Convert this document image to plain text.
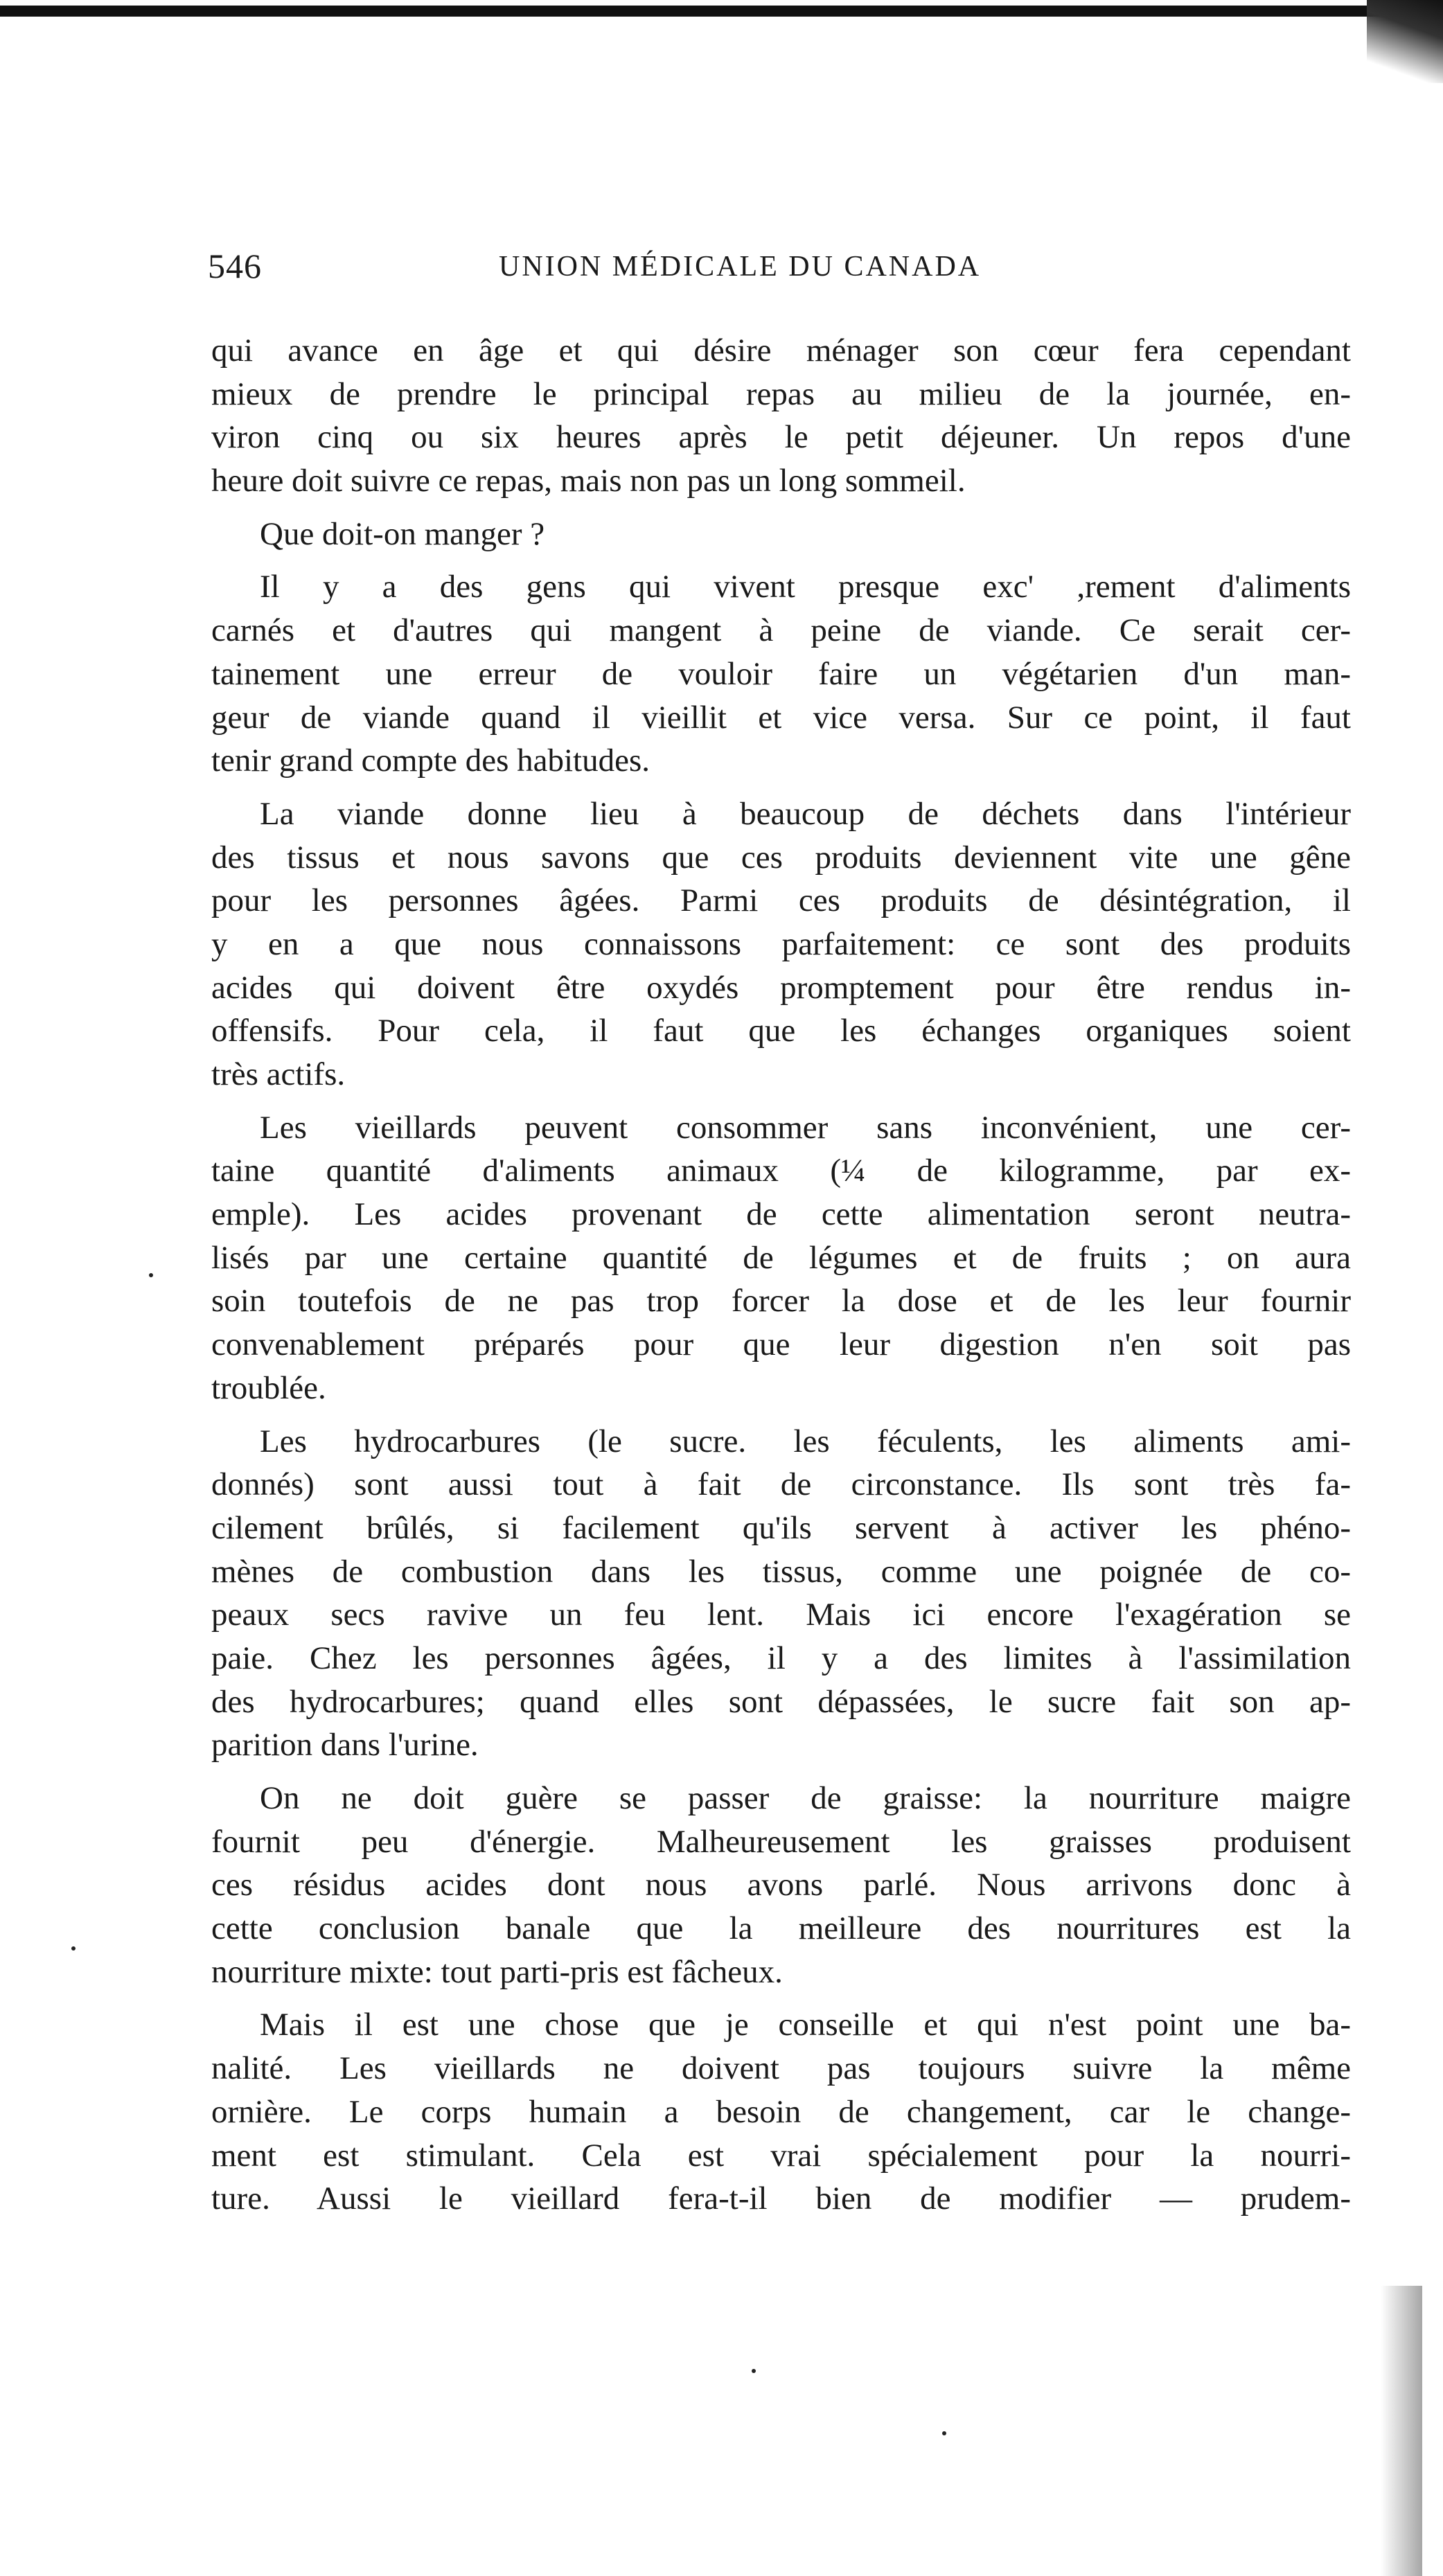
546	UNION MÉDICALE DU CANADA
qui avance en âge et qui désire ménager son cœur fera cependant
mieux de prendre le principal repas au milieu de la journée, en-
viron cinq ou six heures après le petit déjeuner. Un repos d'une
heure doit suivre ce repas, mais non pas un long sommeil.
Que doit-on manger ?
Il y a des gens qui vivent presque exc' ,rement d'aliments
carnés et d'autres qui mangent à peine de viande. Ce serait cer-
tainement une erreur de vouloir faire un végétarien d'un man-
geur de viande quand il vieillit et vice versa. Sur ce point, il faut
tenir grand compte des habitudes.
La viande donne lieu à beaucoup de déchets dans l'intérieur
des tissus et nous savons que ces produits deviennent vite une gêne
pour les personnes âgées. Parmi ces produits de désintégration, il
y en a que nous connaissons parfaitement: ce sont des produits
acides qui doivent être oxydés promptement pour être rendus in-
offensifs. Pour cela, il faut que les échanges organiques soient
très actifs.
Les vieillards peuvent consommer sans inconvénient, une cer-
taine quantité d'aliments animaux (¼ de kilogramme, par ex-
emple). Les acides provenant de cette alimentation seront neutra-
lisés par une certaine quantité de légumes et de fruits ; on aura
soin toutefois de ne pas trop forcer la dose et de les leur fournir
convenablement préparés pour que leur digestion n'en soit pas
troublée.
Les hydrocarbures (le sucre. les féculents, les aliments ami-
donnés) sont aussi tout à fait de circonstance. Ils sont très fa-
cilement brûlés, si facilement qu'ils servent à activer les phéno-
mènes de combustion dans les tissus, comme une poignée de co-
peaux secs ravive un feu lent. Mais ici encore l'exagération se
paie. Chez les personnes âgées, il y a des limites à l'assimilation
des hydrocarbures; quand elles sont dépassées, le sucre fait son ap-
parition dans l'urine.
On ne doit guère se passer de graisse: la nourriture maigre
fournit peu d'énergie. Malheureusement les graisses produisent
ces résidus acides dont nous avons parlé. Nous arrivons donc à
cette conclusion banale que la meilleure des nourritures est la
nourriture mixte: tout parti-pris est fâcheux.
Mais il est une chose que je conseille et qui n'est point une ba-
nalité. Les vieillards ne doivent pas toujours suivre la même
ornière. Le corps humain a besoin de changement, car le change-
ment est stimulant. Cela est vrai spécialement pour la nourri-
ture. Aussi le vieillard fera-t-il bien de modifier — prudem-
